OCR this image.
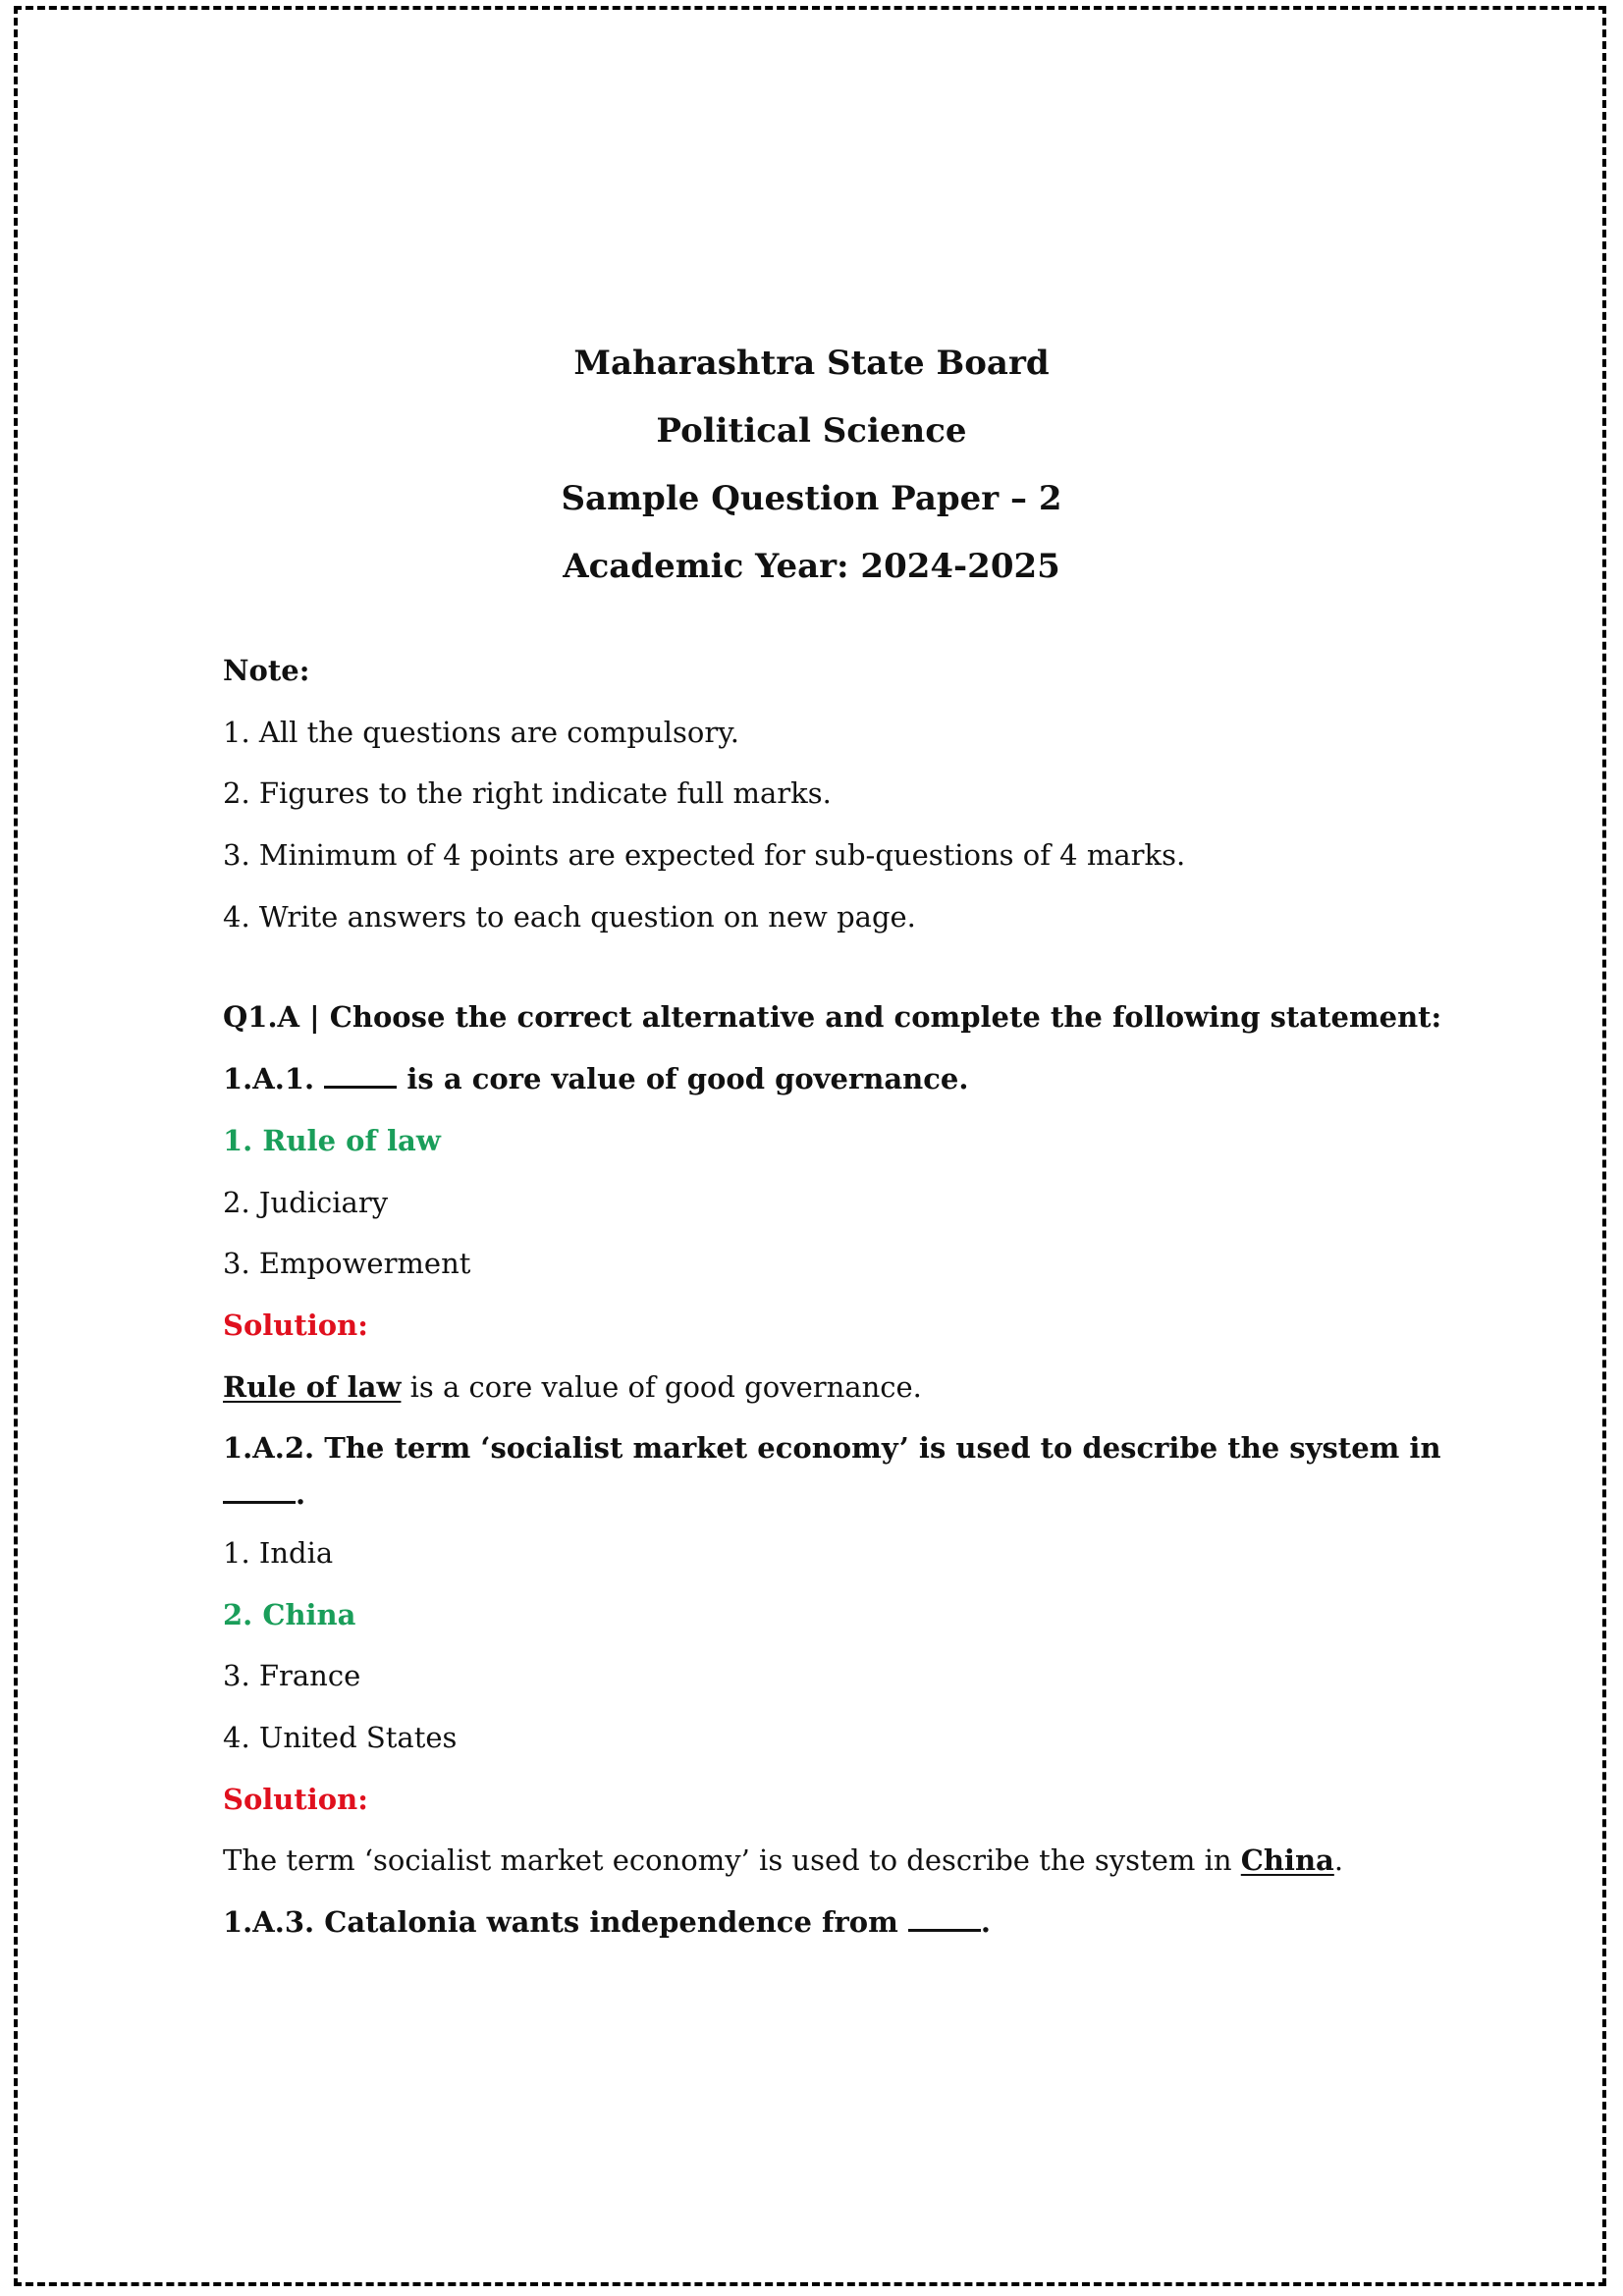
Maharashtra State Board
Political Science
Sample Question Paper – 2
Academic Year: 2024-2025
Note:
1. All the questions are compulsory.
2. Figures to the right indicate full marks.
3. Minimum of 4 points are expected for sub-questions of 4 marks.
4. Write answers to each question on new page.
Q1.A | Choose the correct alternative and complete the following statement:
1.A.1.	is a core value of good governance.
1. Rule of law
2. Judiciary
3. Empowerment
Solution:
Rule of law is a core value of good governance.
1.A.2. The term ‘socialist market economy’ is used to describe the system in
.
1. India
2. China
3. France
4. United States
Solution:
The term ‘socialist market economy’ is used to describe the system in China.
1.A.3. Catalonia wants independence from	.
